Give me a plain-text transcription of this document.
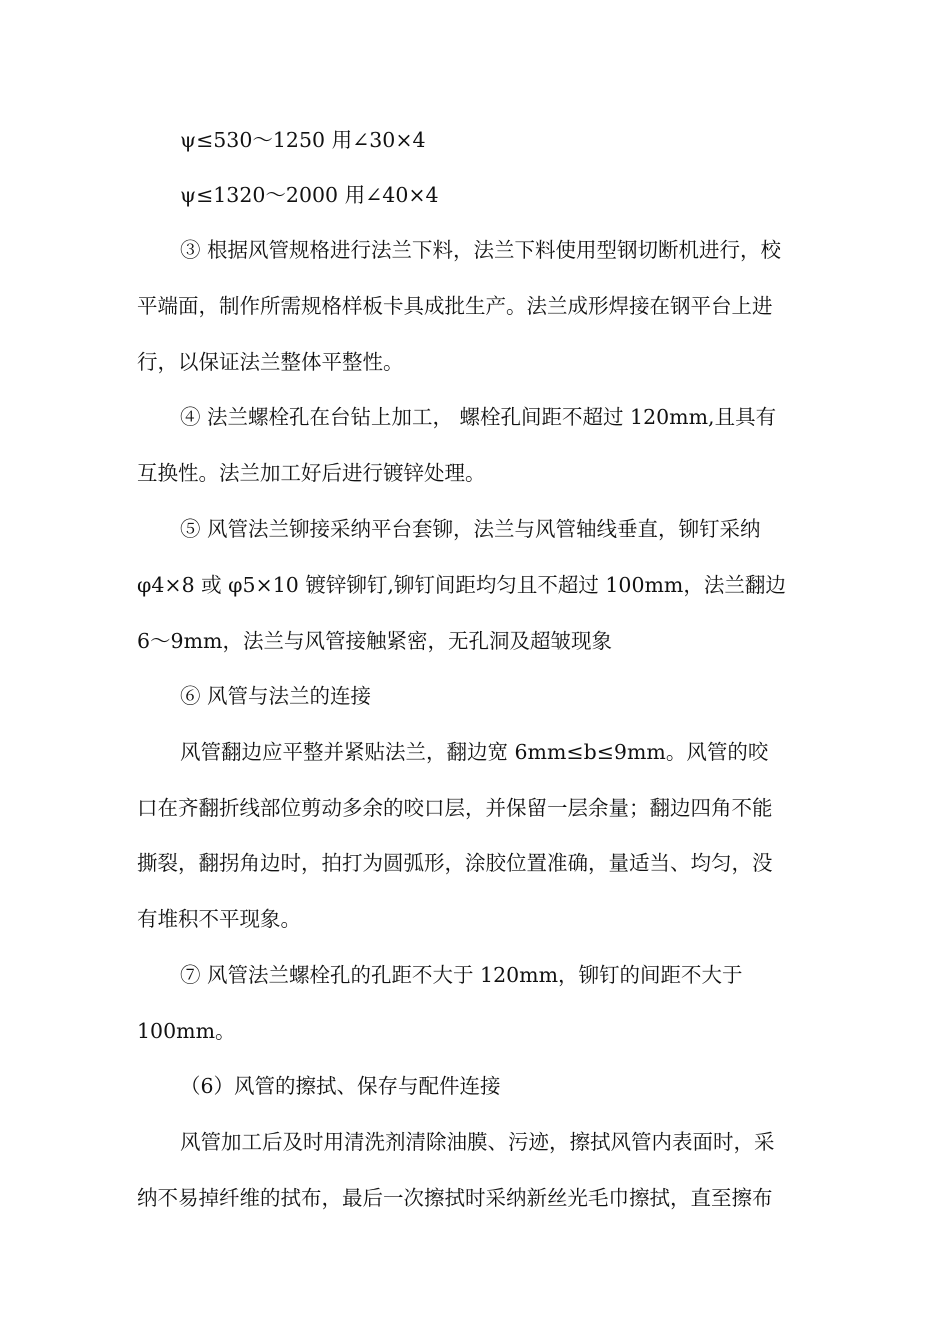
ψ≤530～1250 用∠30×4
ψ≤1320～2000 用∠40×4
③ 根据风管规格进行法兰下料，法兰下料使用型钢切断机进行，校
平端面，制作所需规格样板卡具成批生产。法兰成形焊接在钢平台上进
行，以保证法兰整体平整性。
④ 法兰螺栓孔在台钻上加工， 螺栓孔间距不超过 120mm,且具有
互换性。法兰加工好后进行镀锌处理。
⑤ 风管法兰铆接采纳平台套铆，法兰与风管轴线垂直，铆钉采纳
φ4×8 或 φ5×10 镀锌铆钉,铆钉间距均匀且不超过 100mm，法兰翻边
6～9mm，法兰与风管接触紧密，无孔洞及超皱现象
⑥ 风管与法兰的连接
风管翻边应平整并紧贴法兰，翻边宽 6mm≤b≤9mm。风管的咬
口在齐翻折线部位剪动多余的咬口层，并保留一层余量；翻边四角不能
撕裂，翻拐角边时，拍打为圆弧形，涂胶位置准确，量适当、均匀，没
有堆积不平现象。
⑦ 风管法兰螺栓孔的孔距不大于 120mm，铆钉的间距不大于
100mm。
（6）风管的擦拭、保存与配件连接
风管加工后及时用清洗剂清除油膜、污迹，擦拭风管内表面时，采
纳不易掉纤维的拭布，最后一次擦拭时采纳新丝光毛巾擦拭，直至擦布
